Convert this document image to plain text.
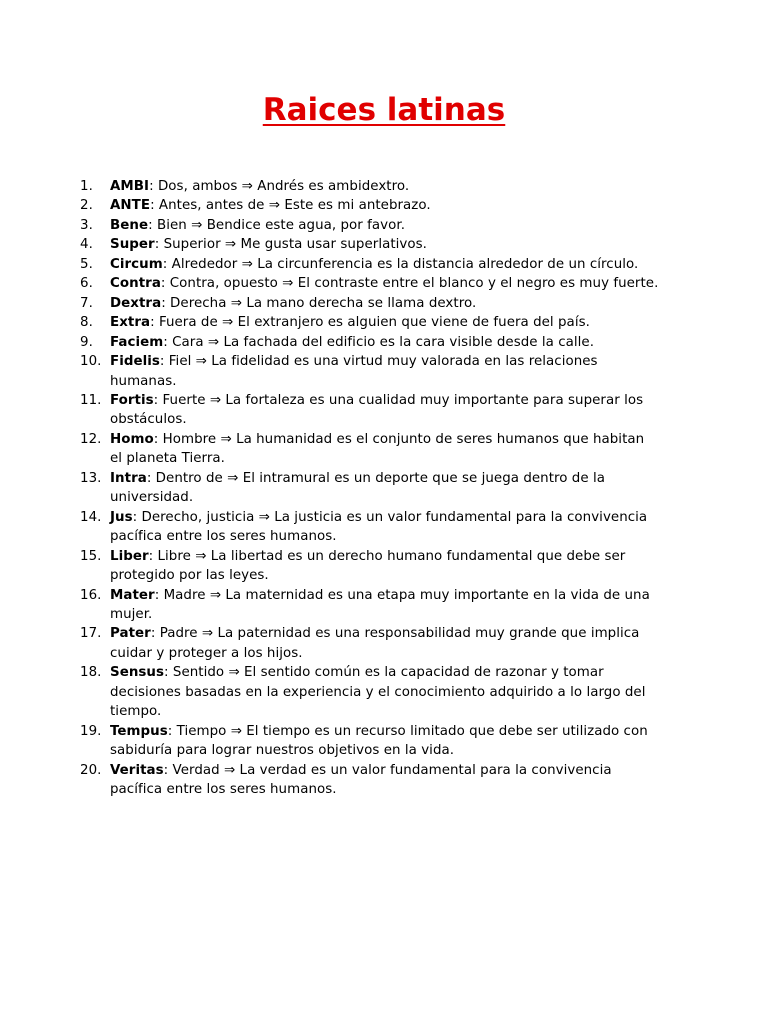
Raices latinas
1.	AMBI: Dos, ambos ⇒ Andrés es ambidextro.
2.	ANTE: Antes, antes de ⇒ Este es mi antebrazo.
3.	Bene: Bien ⇒ Bendice este agua, por favor.
4.	Super: Superior ⇒ Me gusta usar superlativos.
5.	Circum: Alrededor ⇒ La circunferencia es la distancia alrededor de un círculo.
6.	Contra: Contra, opuesto ⇒ El contraste entre el blanco y el negro es muy fuerte.
7.	Dextra: Derecha ⇒ La mano derecha se llama dextro.
8.	Extra: Fuera de ⇒ El extranjero es alguien que viene de fuera del país.
9.	Faciem: Cara ⇒ La fachada del edificio es la cara visible desde la calle.
10. Fidelis: Fiel ⇒ La fidelidad es una virtud muy valorada en las relaciones humanas.
11. Fortis: Fuerte ⇒ La fortaleza es una cualidad muy importante para superar los obstáculos.
12. Homo: Hombre ⇒ La humanidad es el conjunto de seres humanos que habitan el planeta Tierra.
13. Intra: Dentro de ⇒ El intramural es un deporte que se juega dentro de la universidad.
14. Jus: Derecho, justicia ⇒ La justicia es un valor fundamental para la convivencia pacífica entre los seres humanos.
15. Liber: Libre ⇒ La libertad es un derecho humano fundamental que debe ser protegido por las leyes.
16. Mater: Madre ⇒ La maternidad es una etapa muy importante en la vida de una mujer.
17. Pater: Padre ⇒ La paternidad es una responsabilidad muy grande que implica cuidar y proteger a los hijos.
18. Sensus: Sentido ⇒ El sentido común es la capacidad de razonar y tomar decisiones basadas en la experiencia y el conocimiento adquirido a lo largo del tiempo.
19. Tempus: Tiempo ⇒ El tiempo es un recurso limitado que debe ser utilizado con sabiduría para lograr nuestros objetivos en la vida.
20. Veritas: Verdad ⇒ La verdad es un valor fundamental para la convivencia pacífica entre los seres humanos.
